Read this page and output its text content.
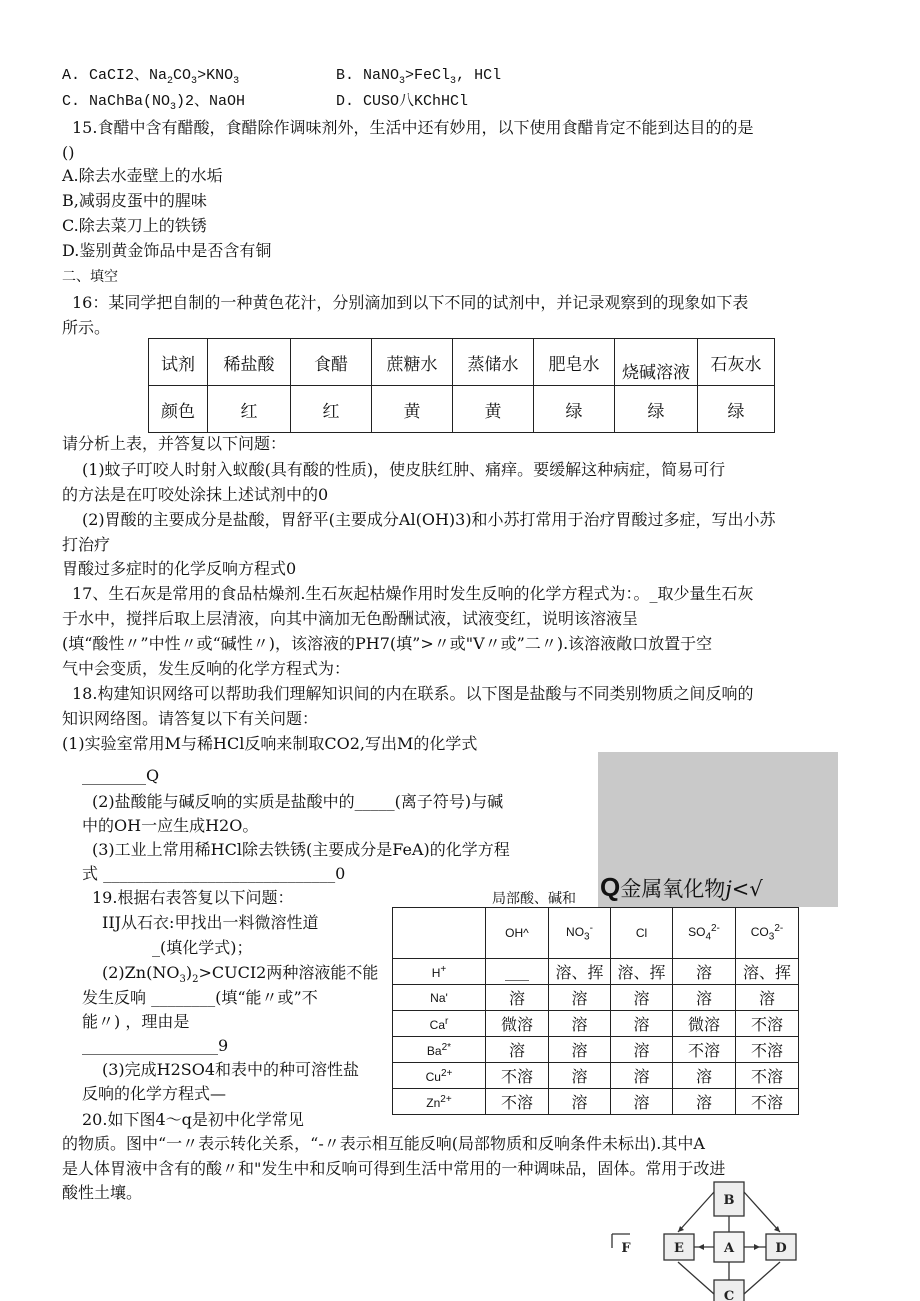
A. CaCI2、$Na_2CO_3>KNO_3$	B. NaNO$_3$>FeCl$_3$, HCl
C. $NaChBa(NO_3)2$、NaOH	D. CUSO八KChHCl
15.食醋中含有醋酸，食醋除作调味剂外，生活中还有妙用，以下使用食醋肯定不能到达目的的是
()
A.除去水壶壁上的水垢
B,减弱皮蛋中的腥味
C.除去菜刀上的铁锈
D.鉴别黄金饰品中是否含有铜
二、填空
16：某同学把自制的一种黄色花汁，分别滴加到以下不同的试剂中，并记录观察到的现象如下表
所示。
试剂	稀盐酸	食醋	蔗糖水	蒸储水	肥皂水	烧碱溶液	石灰水
颜色	红	红	黄	黄	绿	绿	绿
请分析上表，并答复以下问题：
(1)蚊子叮咬人时射入蚁酸(具有酸的性质)，使皮肤红肿、痛痒。要缓解这种病症，简易可行
的方法是在叮咬处涂抹上述试剂中的0
(2)胃酸的主要成分是盐酸，胃舒平(主要成分Al(OH)3)和小苏打常用于治疗胃酸过多症，写出小苏
打治疗
胃酸过多症时的化学反响方程式0
17、生石灰是常用的食品枯燥剂.生石灰起枯燥作用时发生反响的化学方程式为：。_取少量生石灰
于水中，搅拌后取上层清液，向其中滴加无色酚酬试液，试液变红，说明该溶液呈
(填“酸性〃”中性〃或“碱性〃)，该溶液的PH7(填”>〃或"V〃或”二〃).该溶液敞口放置于空
气中会变质，发生反响的化学方程式为：
18.构建知识网络可以帮助我们理解知识间的内在联系。以下图是盐酸与不同类别物质之间反响的
知识网络图。请答复以下有关问题：
(1)实验室常用M与稀HCl反响来制取CO2,写出M的化学式
________Q
(2)盐酸能与碱反响的实质是盐酸中的_____(离子符号)与碱
中的OH一应生成H2O。
(3)工业上常用稀HCl除去铁锈(主要成分是FeA)的化学方程
式 _____________________________0	Q金属氧化物j<√
19.根据右表答复以下问题：	局部酸、碱和
IIJ从石衣:甲找出一料微溶性道
_(填化学式)；
$(2)Zn(NO_3)_2>CUCI2$两种溶液能不能
发生反响 ________(填“能〃或”不
能〃) ，理由是
_________________9
(3)完成H2SO4和表中的种可溶性盐
反响的化学方程式—
	OH^	$NO_3^-$	Cl	$SO_4^{2-}$	$CO_3^{2-}$
H+	___	溶、挥	溶、挥	溶	溶、挥
Na'	溶	溶	溶	溶	溶
Ca$^r$	微溶	溶	溶	微溶	不溶
$Ba^{2*}$	溶	溶	溶	不溶	不溶
$Cu^{2+}$	不溶	溶	溶	溶	不溶
$Zn^{2+}$	不溶	溶	溶	溶	不溶
20.如下图4～q是初中化学常见
的物质。图中“一〃表示转化关系，“-〃表示相互能反响(局部物质和反响条件未标出).其中A
是人体胃液中含有的酸〃和"发生中和反响可得到生活中常用的一种调味品，固体。常用于改进
酸性土壤。	B
A
E	D
C
F
